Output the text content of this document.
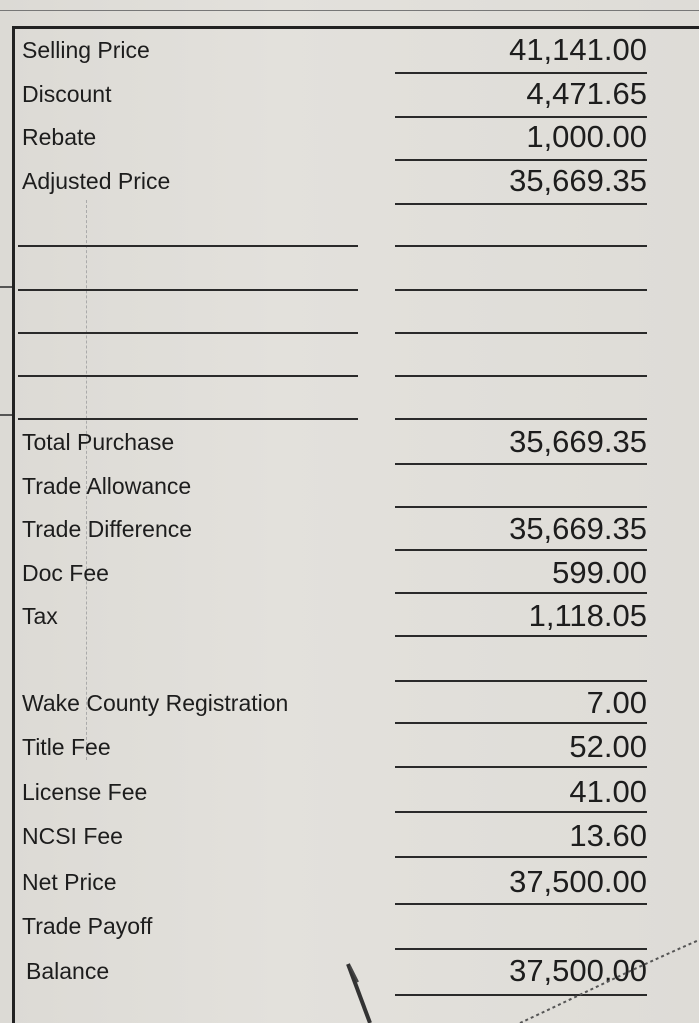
Selling Price	41,141.00
Discount	4,471.65
Rebate	1,000.00
Adjusted Price	35,669.35
Total Purchase	35,669.35
Trade Allowance
Trade Difference	35,669.35
Doc Fee	599.00
Tax	1,118.05
Wake County Registration	7.00
Title Fee	52.00
License Fee	41.00
NCSI Fee	13.60
Net Price	37,500.00
Trade Payoff
Balance	37,500.00
